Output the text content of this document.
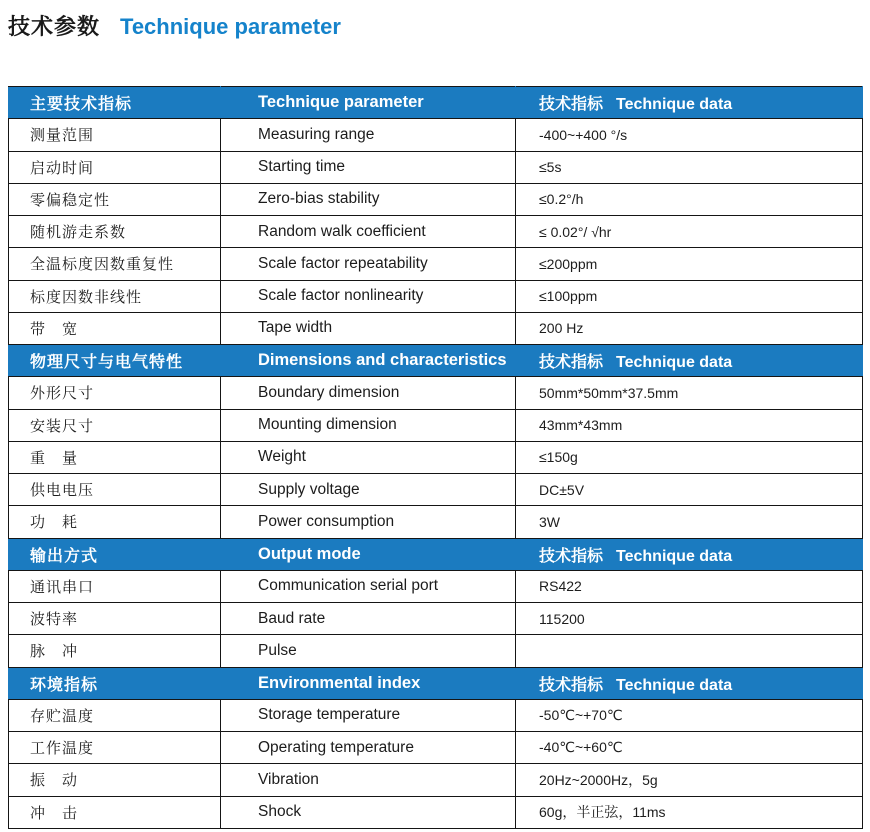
技术参数 Technique parameter
主要技术指标	Technique parameter	技术指标 Technique data
测量范围	Measuring range	-400~+400 °/s
启动时间	Starting time	≤5s
零偏稳定性	Zero-bias stability	≤0.2°/h
随机游走系数	Random walk coefficient	≤ 0.02°/ √hr
全温标度因数重复性	Scale factor repeatability	≤200ppm
标度因数非线性	Scale factor nonlinearity	≤100ppm
带　宽	Tape width	200 Hz
物理尺寸与电气特性	Dimensions and characteristics	技术指标 Technique data
外形尺寸	Boundary dimension	50mm*50mm*37.5mm
安装尺寸	Mounting dimension	43mm*43mm
重　量	Weight	≤150g
供电电压	Supply voltage	DC±5V
功　耗	Power consumption	3W
输出方式	Output mode	技术指标 Technique data
通讯串口	Communication serial port	RS422
波特率	Baud rate	115200
脉　冲	Pulse	
环境指标	Environmental index	技术指标 Technique data
存贮温度	Storage temperature	-50℃~+70℃
工作温度	Operating temperature	-40℃~+60℃
振　动	Vibration	20Hz~2000Hz，5g
冲　击	Shock	60g，半正弦，11ms
